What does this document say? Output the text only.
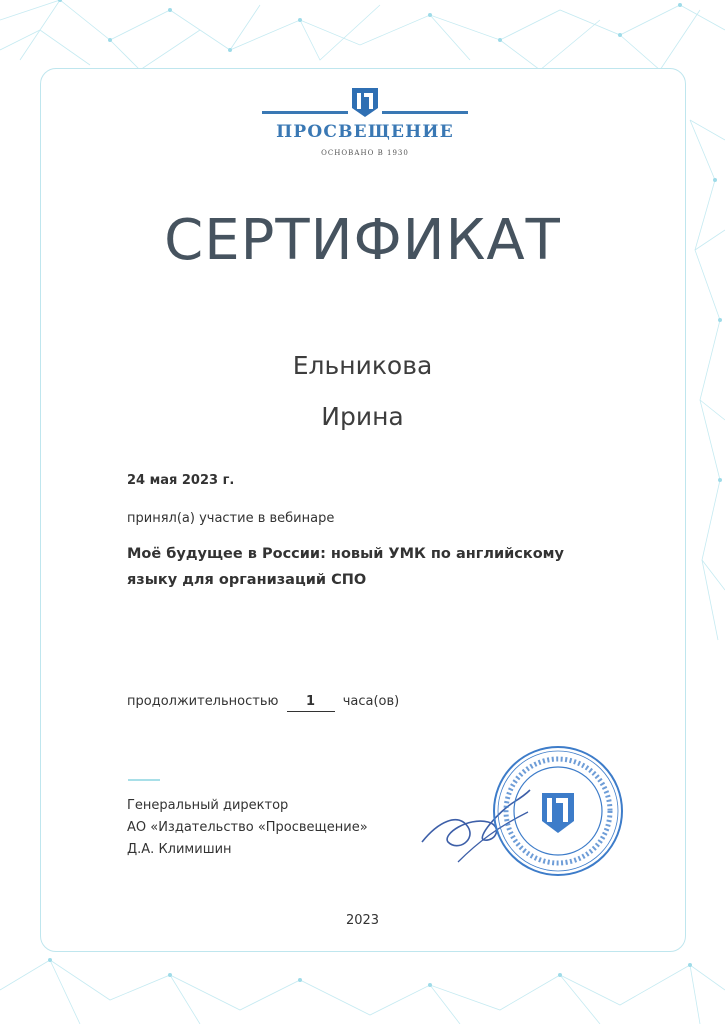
ПРОСВЕЩЕНИЕ
ОСНОВАНО В 1930
СЕРТИФИКАТ
Ельникова
Ирина
24 мая 2023 г.
принял(а) участие в вебинаре
Моё будущее в России: новый УМК по английскому
языку для организаций СПО
продолжительностью 1 часа(ов)
Генеральный директор
АО «Издательство «Просвещение»
Д.А. Климишин
2023
